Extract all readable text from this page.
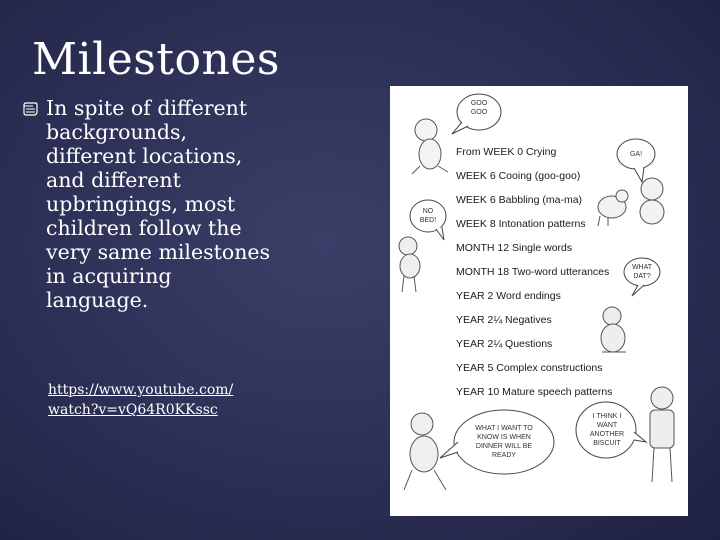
Milestones
In spite of different backgrounds, different locations, and different upbringings, most children follow the very same milestones in acquiring language.
https://www.youtube.com/
watch?v=vQ64R0KKssc
GOO GOO
GA!
NO BED!
WHAT DAT?
WHAT I WANT TO KNOW IS WHEN DINNER WILL BE READY
I THINK I WANT ANOTHER BISCUIT
From WEEK 0 Crying
WEEK 6 Cooing (goo-goo)
WEEK 6 Babbling (ma-ma)
WEEK 8 Intonation patterns
MONTH 12 Single words
MONTH 18 Two-word utterances
YEAR 2 Word endings
YEAR 2¼ Negatives
YEAR 2¼ Questions
YEAR 5 Complex constructions
YEAR 10 Mature speech patterns
